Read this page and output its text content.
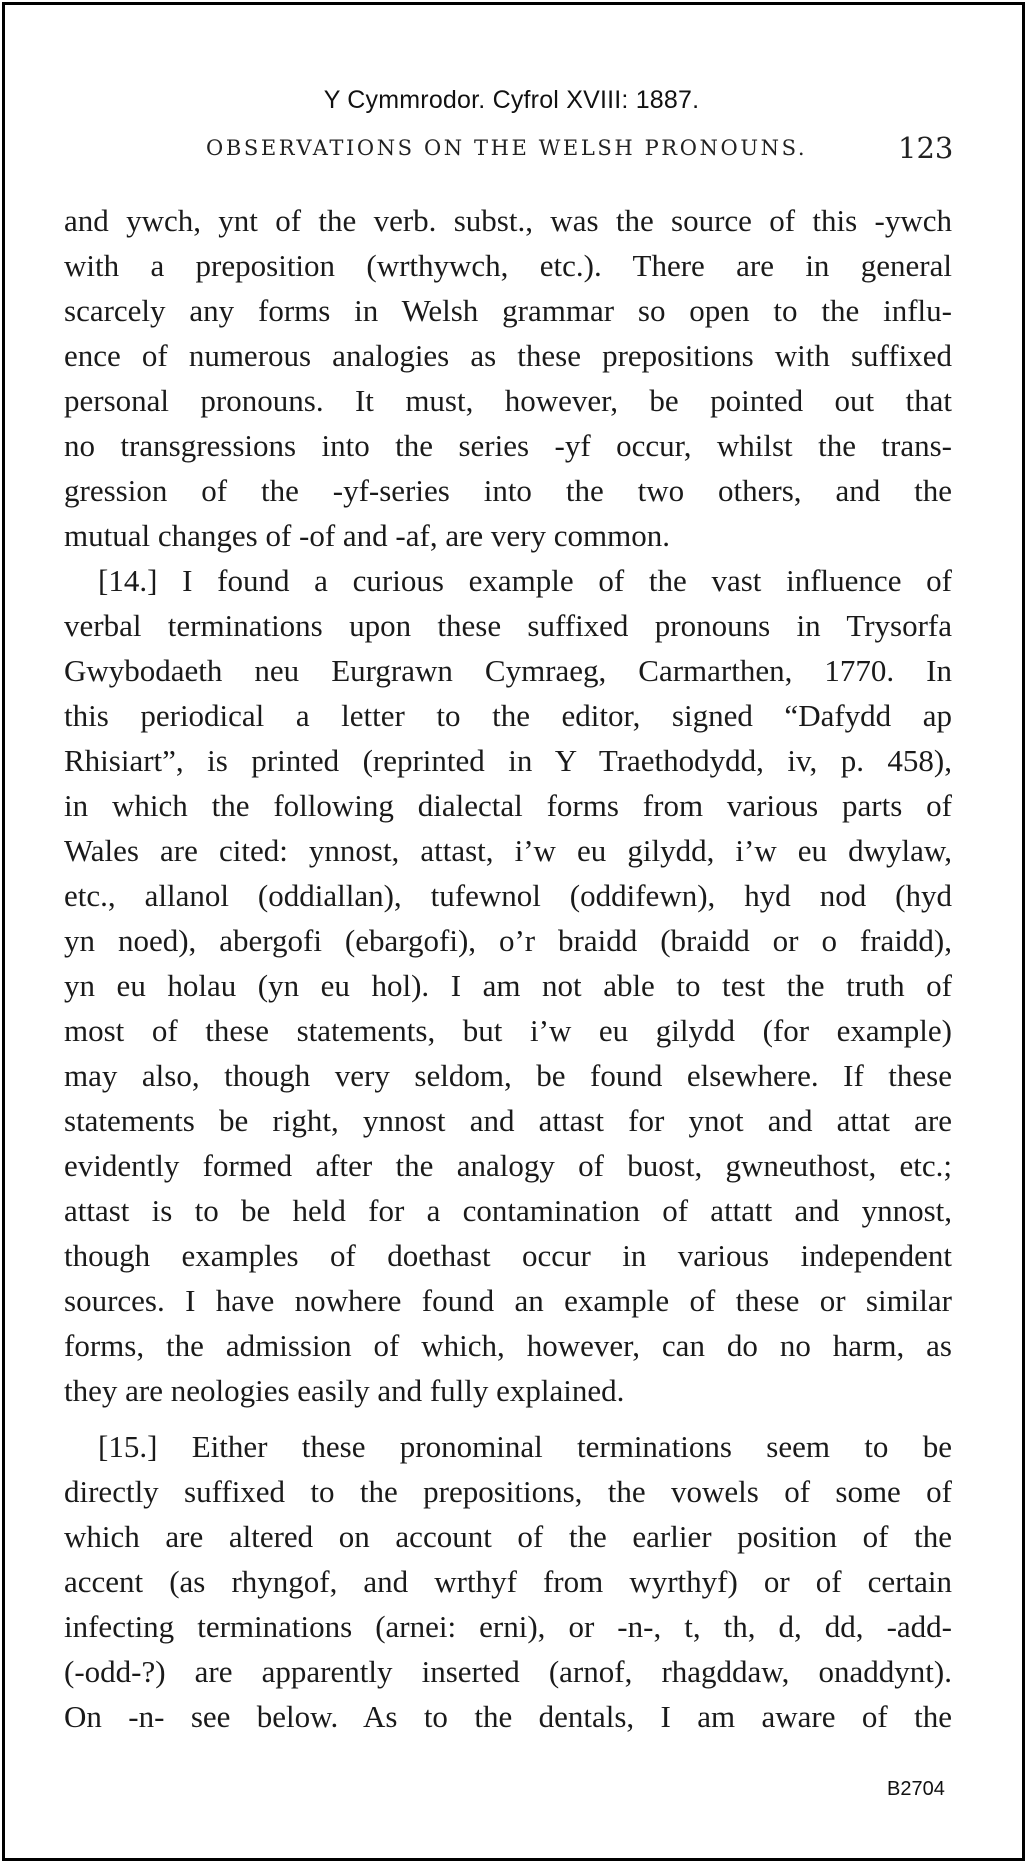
Y Cymmrodor. Cyfrol XVIII: 1887.
OBSERVATIONS ON THE WELSH PRONOUNS.	123
and ywch, ynt of the verb. subst., was the source of this -ywch
with a preposition (wrthywch, etc.). There are in general
scarcely any forms in Welsh grammar so open to the influ-
ence of numerous analogies as these prepositions with suffixed
personal pronouns. It must, however, be pointed out that
no transgressions into the series -yf occur, whilst the trans-
gression of the -yf-series into the two others, and the
mutual changes of -of and -af, are very common.
[14.] I found a curious example of the vast influence of
verbal terminations upon these suffixed pronouns in Trysorfa
Gwybodaeth neu Eurgrawn Cymraeg, Carmarthen, 1770. In
this periodical a letter to the editor, signed “Dafydd ap
Rhisiart”, is printed (reprinted in Y Traethodydd, iv, p. 458),
in which the following dialectal forms from various parts of
Wales are cited: ynnost, attast, i’w eu gilydd, i’w eu dwylaw,
etc., allanol (oddiallan), tufewnol (oddifewn), hyd nod (hyd
yn noed), abergofi (ebargofi), o’r braidd (braidd or o fraidd),
yn eu holau (yn eu hol). I am not able to test the truth of
most of these statements, but i’w eu gilydd (for example)
may also, though very seldom, be found elsewhere. If these
statements be right, ynnost and attast for ynot and attat are
evidently formed after the analogy of buost, gwneuthost, etc.;
attast is to be held for a contamination of attatt and ynnost,
though examples of doethast occur in various independent
sources. I have nowhere found an example of these or similar
forms, the admission of which, however, can do no harm, as
they are neologies easily and fully explained.
[15.] Either these pronominal terminations seem to be
directly suffixed to the prepositions, the vowels of some of
which are altered on account of the earlier position of the
accent (as rhyngof, and wrthyf from wyrthyf) or of certain
infecting terminations (arnei: erni), or -n-, t, th, d, dd, -add-
(-odd-?) are apparently inserted (arnof, rhagddaw, onaddynt).
On -n- see below. As to the dentals, I am aware of the
B2704
